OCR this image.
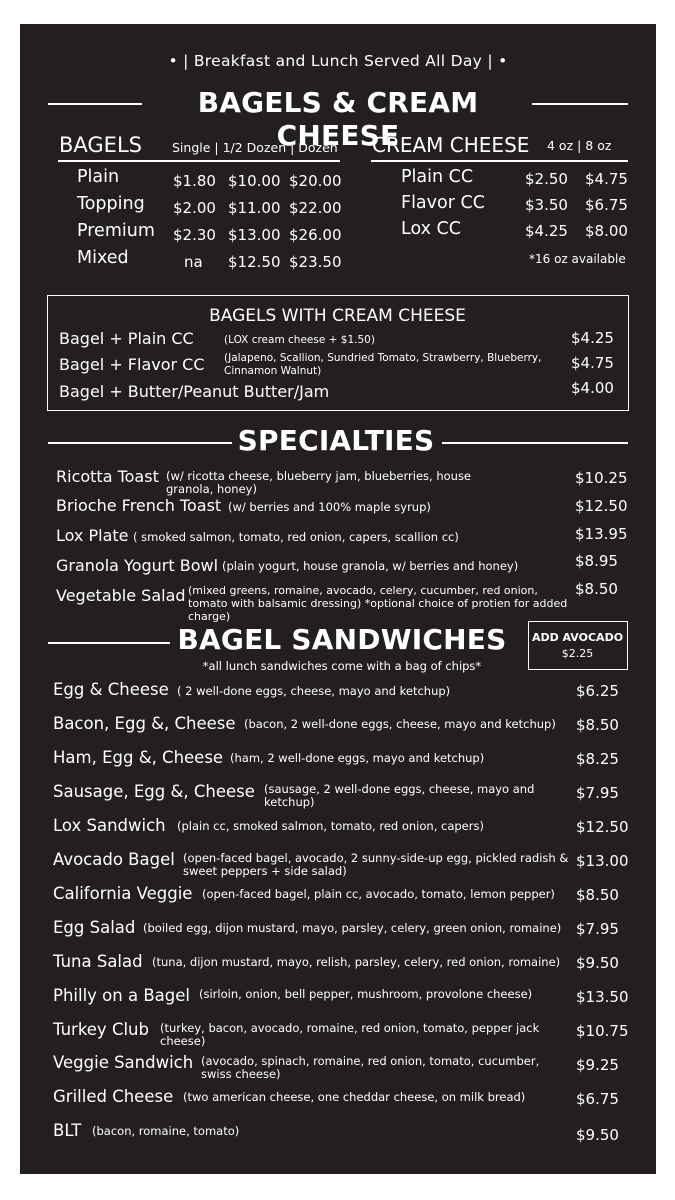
• | Breakfast and Lunch Served All Day | •
BAGELS & CREAM CHEESE
BAGELS Single | 1/2 Dozen | Dozen
Plain	$1.80 $10.00 $20.00
Topping $2.00 $11.00 $22.00
Premium $2.30 $13.00 $26.00
Mixed	na $12.50 $23.50
CREAM CHEESE 4 oz | 8 oz
Plain CC	$2.50 $4.75
Flavor CC	$3.50 $6.75
Lox CC	$4.25 $8.00
*16 oz available
BAGELS WITH CREAM CHEESE
Bagel + Plain CC	(LOX cream cheese + $1.50)	$4.25
Bagel + Flavor CC (Jalapeno, Scallion, Sundried Tomato, Strawberry, Blueberry, Cinnamon Walnut)	$4.75
Bagel + Butter/Peanut Butter/Jam	$4.00
SPECIALTIES
Ricotta Toast (w/ ricotta cheese, blueberry jam, blueberries, house granola, honey)
$10.25
Brioche French Toast (w/ berries and 100% maple syrup)	$12.50
Lox Plate ( smoked salmon, tomato, red onion, capers, scallion cc)	$13.95
Granola Yogurt Bowl (plain yogurt, house granola, w/ berries and honey)	$8.95
Vegetable Salad (mixed greens, romaine, avocado, celery, cucumber, red onion, tomato with balsamic dressing) *optional choice of protien for added charge)
$8.50
BAGEL SANDWICHES
*all lunch sandwiches come with a bag of chips*
ADD AVOCADO
$2.25
Egg & Cheese ( 2 well-done eggs, cheese, mayo and ketchup)	$6.25
Bacon, Egg &, Cheese (bacon, 2 well-done eggs, cheese, mayo and ketchup)	$8.50
Ham, Egg &, Cheese (ham, 2 well-done eggs, mayo and ketchup)	$8.25
Sausage, Egg &, Cheese (sausage, 2 well-done eggs, cheese, mayo and ketchup)	$7.95
Lox Sandwich (plain cc, smoked salmon, tomato, red onion, capers)	$12.50
Avocado Bagel (open-faced bagel, avocado, 2 sunny-side-up egg, pickled radish & sweet peppers + side salad)
$13.00
California Veggie (open-faced bagel, plain cc, avocado, tomato, lemon pepper)	$8.50
Egg Salad (boiled egg, dijon mustard, mayo, parsley, celery, green onion, romaine) $7.95
Tuna Salad (tuna, dijon mustard, mayo, relish, parsley, celery, red onion, romaine)	$9.50
Philly on a Bagel (sirloin, onion, bell pepper, mushroom, provolone cheese)	$13.50
Turkey Club (turkey, bacon, avocado, romaine, red onion, tomato, pepper jack cheese)
$10.75
Veggie Sandwich (avocado, spinach, romaine, red onion, tomato, cucumber, swiss cheese)	$9.25
Grilled Cheese (two american cheese, one cheddar cheese, on milk bread)	$6.75
BLT (bacon, romaine, tomato)	$9.50
